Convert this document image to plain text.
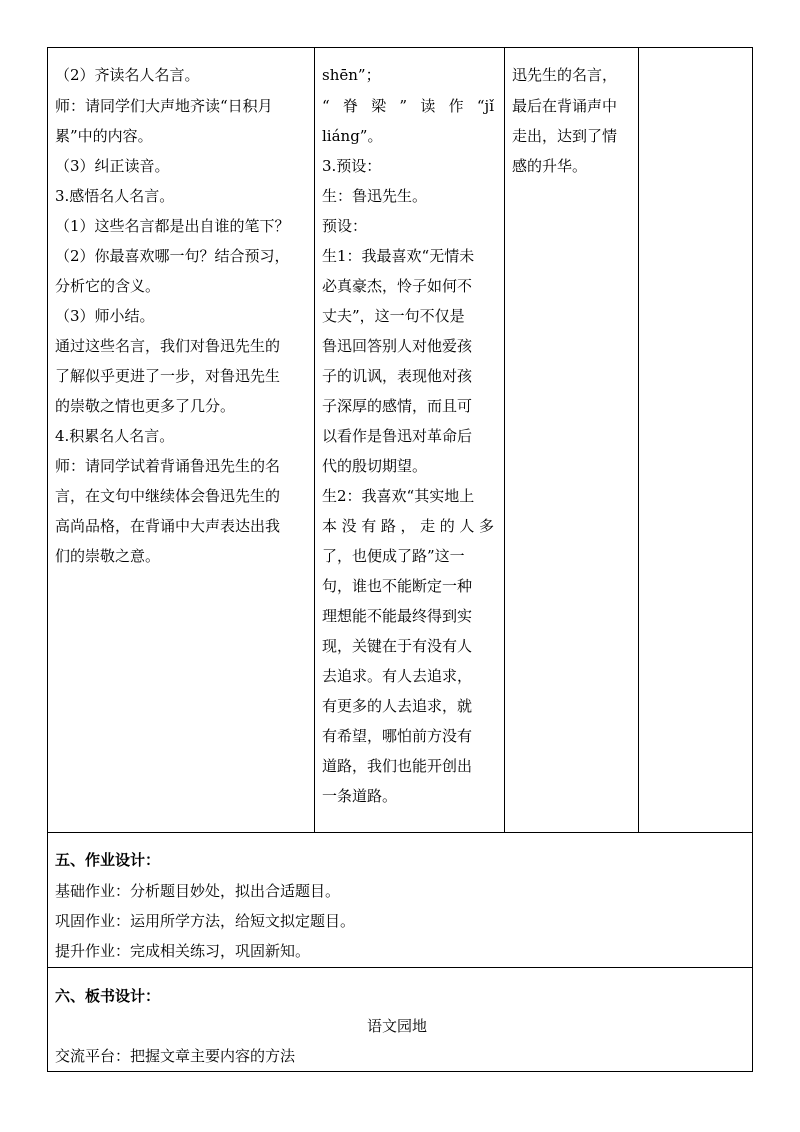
（2）齐读名人名言。
师：请同学们大声地齐读“日积月
累”中的内容。
（3）纠正读音。
3.感悟名人名言。
（1）这些名言都是出自谁的笔下？
（2）你最喜欢哪一句？结合预习，
分析它的含义。
（3）师小结。
通过这些名言，我们对鲁迅先生的
了解似乎更进了一步，对鲁迅先生
的崇敬之情也更多了几分。
4.积累名人名言。
师：请同学试着背诵鲁迅先生的名
言，在文句中继续体会鲁迅先生的
高尚品格，在背诵中大声表达出我
们的崇敬之意。
shēn”；
“脊梁”读作“jǐ
liáng”。
3.预设：
生：鲁迅先生。
预设：
生1：我最喜欢“无情未
必真豪杰，怜子如何不
丈夫”，这一句不仅是
鲁迅回答别人对他爱孩
子的讥讽，表现他对孩
子深厚的感情，而且可
以看作是鲁迅对革命后
代的殷切期望。
生2：我喜欢“其实地上
本没有路，走的人多
了，也便成了路”这一
句，谁也不能断定一种
理想能不能最终得到实
现，关键在于有没有人
去追求。有人去追求，
有更多的人去追求，就
有希望，哪怕前方没有
道路，我们也能开创出
一条道路。
迅先生的名言，
最后在背诵声中
走出，达到了情
感的升华。
五、作业设计：
基础作业：分析题目妙处，拟出合适题目。
巩固作业：运用所学方法，给短文拟定题目。
提升作业：完成相关练习，巩固新知。
六、板书设计：
语文园地
交流平台：把握文章主要内容的方法
